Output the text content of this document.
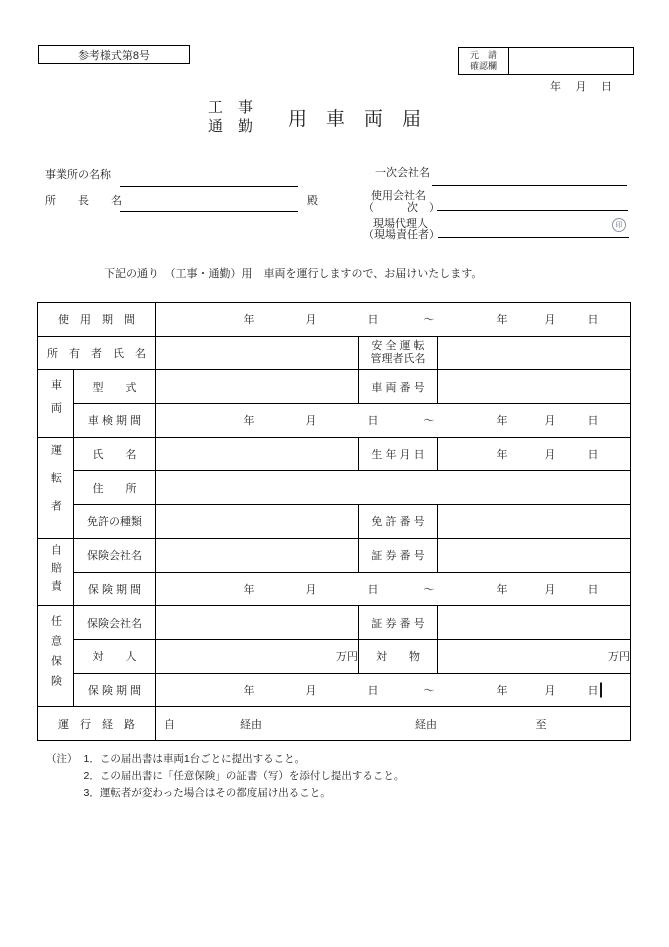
参考様式第8号	元　請
確認欄
年 月 日
工　事
通　勤 用　車　両　届
事業所の名称
所　　長　　名	殿
一次会社名
使用会社名
（　　　次　）
現場代理人
（現場責任者）
印
下記の通り　（工事・通勤）用　車両を運行しますので、お届けいたします。
使　用　期　間	年	月	日	～	年	月	日

所　有　者　氏　名			安 全 運 転
管理者氏名	

車両	型　　式		車 両 番 号	
車 検 期 間	年	月	日	～	年	月	日

運転者	氏　　名		生 年 月 日	年 月 日

	住　　所			
	免許の種類		免 許 番 号	
自賠責	保険会社名		証 券 番 号	
保 険 期 間	年	月	日	～	年	月	日

任意保険	保険会社名		証 券 番 号	
	対　　人	万円	対　　物	万円
保 険 期 間	年	月	日	～	年	月	日

運　行　経　路		自 経由 経由 至		
（注） 1．この届出書は車両1台ごとに提出すること。
2．この届出書に「任意保険」の証書（写）を添付し提出すること。
3．運転者が変わった場合はその都度届け出ること。
